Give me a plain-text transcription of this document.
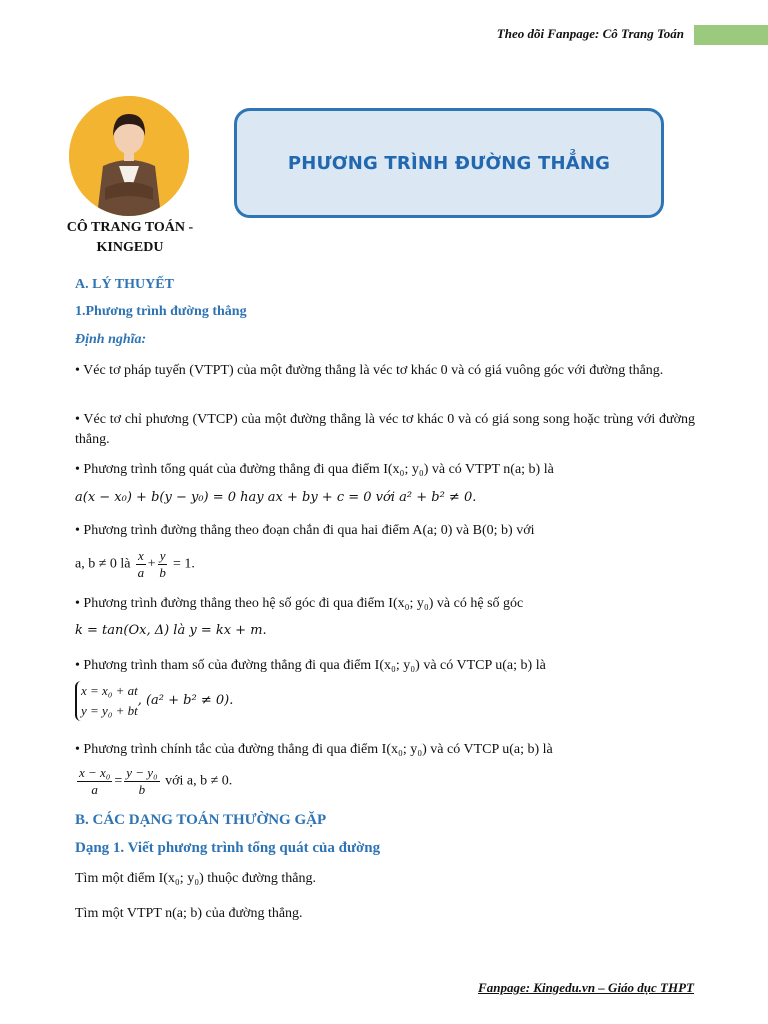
Theo dõi Fanpage: Cô Trang Toán
CÔ TRANG TOÁN - KINGEDU
PHƯƠNG TRÌNH ĐƯỜNG THẲNG
A. LÝ THUYẾT
1.Phương trình đường thẳng
Định nghĩa:
• Véc tơ pháp tuyến (VTPT) của một đường thẳng là véc tơ khác 0 và có giá vuông góc với đường thẳng.
• Véc tơ chỉ phương (VTCP) của một đường thẳng là véc tơ khác 0 và có giá song song hoặc trùng với đường thẳng.
• Phương trình tổng quát của đường thẳng đi qua điểm I(x₀; y₀) và có VTPT n(a; b) là
a(x − x₀) + b(y − y₀) = 0 hay ax + by + c = 0 với a² + b² ≠ 0.
• Phương trình đường thẳng theo đoạn chắn đi qua hai điểm A(a; 0) và B(0; b) với
a, b ≠ 0 là $\frac{x}{a} + \frac{y}{b} = 1$.
• Phương trình đường thẳng theo hệ số góc đi qua điểm I(x₀; y₀) và có hệ số góc
k = tan(Ox, Δ) là y = kx + m.
• Phương trình tham số của đường thẳng đi qua điểm I(x₀; y₀) và có VTCP u(a; b) là
x = x₀ + at
y = y₀ + bt
, (a² + b² ≠ 0).
• Phương trình chính tắc của đường thẳng đi qua điểm I(x₀; y₀) và có VTCP u(a; b) là
$\frac{\text{x − x₀}}{a} = \frac{\text{y − y₀}}{b}$ với a, b ≠ 0.
B. CÁC DẠNG TOÁN THƯỜNG GẶP
Dạng 1. Viết phương trình tổng quát của đường
Tìm một điểm I(x₀; y₀) thuộc đường thẳng.
Tìm một VTPT n(a; b) của đường thẳng.
Fanpage: Kingedu.vn – Giáo dục THPT
